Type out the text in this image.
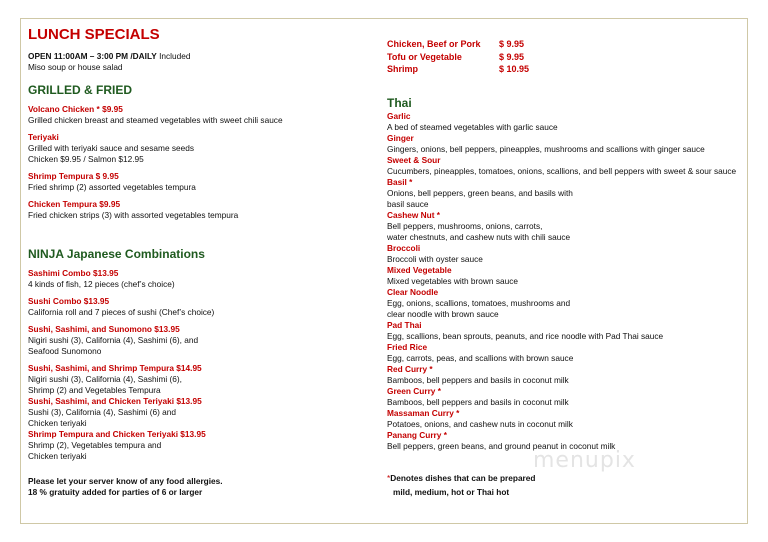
LUNCH SPECIALS
OPEN 11:00AM – 3:00 PM /DAILY Included
Miso soup or house salad
GRILLED & FRIED
Volcano Chicken * $9.95
Grilled chicken breast and steamed vegetables with sweet chili sauce
Teriyaki
Grilled with teriyaki sauce and sesame seeds
Chicken $9.95 / Salmon $12.95
Shrimp Tempura $ 9.95
Fried shrimp (2) assorted vegetables tempura
Chicken Tempura $9.95
Fried chicken strips (3) with assorted vegetables tempura
NINJA Japanese Combinations
Sashimi Combo $13.95
4 kinds of fish, 12 pieces (chef’s choice)
Sushi Combo $13.95
California roll and 7 pieces of sushi (Chef’s choice)
Sushi, Sashimi, and Sunomono $13.95
Nigiri sushi (3), California (4), Sashimi (6), and
Seafood Sunomono
Sushi, Sashimi, and Shrimp Tempura $14.95
Nigiri sushi (3), California (4), Sashimi (6),
Shrimp (2) and Vegetables Tempura
Sushi, Sashimi, and Chicken Teriyaki $13.95
Sushi (3), California (4), Sashimi (6) and
Chicken teriyaki
Shrimp Tempura and Chicken Teriyaki $13.95
Shrimp (2), Vegetables tempura and
Chicken teriyaki
Please let your server know of any food allergies.
18 % gratuity added for parties of 6 or larger
Chicken, Beef or Pork	$ 9.95
Tofu or Vegetable	$ 9.95
Shrimp	$ 10.95
Thai
Garlic
A bed of steamed vegetables with garlic sauce
Ginger
Gingers, onions, bell peppers, pineapples, mushrooms and scallions with ginger sauce
Sweet & Sour
Cucumbers, pineapples, tomatoes, onions, scallions, and bell peppers with sweet & sour sauce
Basil *
Onions, bell peppers, green beans, and basils with
basil sauce
Cashew Nut *
Bell peppers, mushrooms, onions, carrots,
water chestnuts, and cashew nuts with chili sauce
Broccoli
Broccoli with oyster sauce
Mixed Vegetable
Mixed vegetables with brown sauce
Clear Noodle
Egg, onions, scallions, tomatoes, mushrooms and
clear noodle with brown sauce
Pad Thai
Egg, scallions, bean sprouts, peanuts, and rice noodle with Pad Thai sauce
Fried Rice
Egg, carrots, peas, and scallions with brown sauce
Red Curry *
Bamboos, bell peppers and basils in coconut milk
Green Curry *
Bamboos, bell peppers and basils in coconut milk
Massaman Curry *
Potatoes, onions, and cashew nuts in coconut milk
Panang Curry *
Bell peppers, green beans, and ground peanut in coconut milk
*Denotes dishes that can be prepared
mild, medium, hot or Thai hot
menupix
